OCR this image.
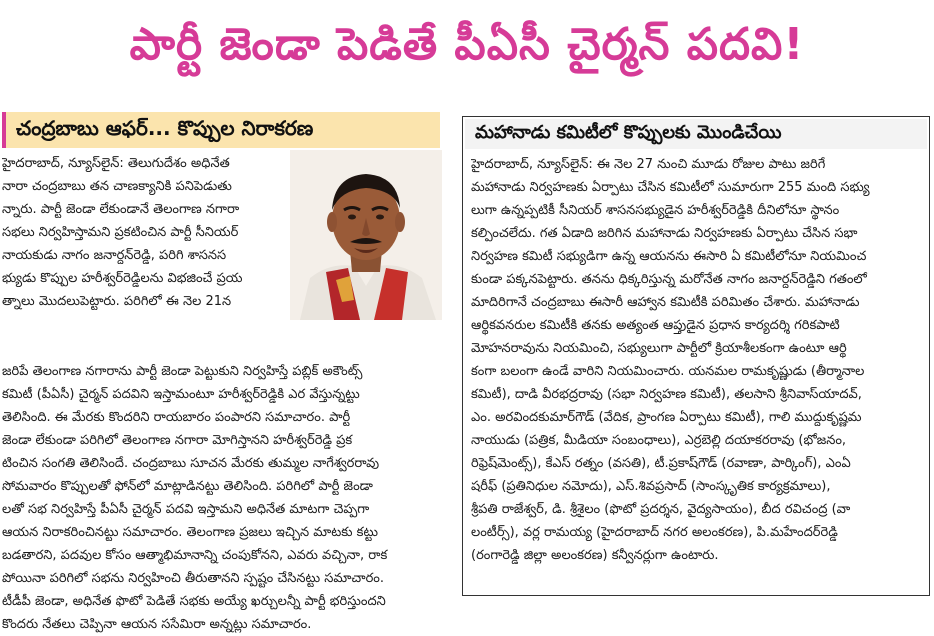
పార్టీ జెండా పెడితే పీఏసీ చైర్మన్ పదవి!
చంద్రబాబు ఆఫర్... కొప్పుల నిరాకరణ

హైదరాబాద్, న్యూస్‌లైన్: తెలుగుదేశం అధినేత
నారా చంద్రబాబు తన చాణక్యానికి పనిపెడుతు
న్నారు. పార్టీ జెండా లేకుండానే తెలంగాణ నగారా
సభలు నిర్వహిస్తామని ప్రకటించిన పార్టీ సీనియర్
నాయకుడు నాగం జనార్దన్‌రెడ్డి, పరిగి శాసనస
భ్యుడు కొప్పుల హరీశ్వర్‌రెడ్డిలను విభజించే ప్రయ
త్నాలు మొదలుపెట్టారు. పరిగిలో ఈ నెల 21న

జరిపే తెలంగాణ నగారాను పార్టీ జెండా పెట్టుకుని నిర్వహిస్తే పబ్లిక్ అకౌంట్స్
కమిటీ (పీఏసీ) చైర్మన్ పదవిని ఇస్తామంటూ హరీశ్వర్‌రెడ్డికి ఎర వేస్తున్నట్టు
తెలిసింది. ఈ మేరకు కొందరిని రాయబారం పంపారని సమాచారం. పార్టీ
జెండా లేకుండా పరిగిలో తెలంగాణ నగారా మోగిస్తానని హరీశ్వర్‌రెడ్డి ప్రక
టించిన సంగతి తెలిసిందే. చంద్రబాబు సూచన మేరకు తుమ్మల నాగేశ్వరరావు
సోమవారం కొప్పులతో ఫోన్‌లో మాట్లాడినట్టు తెలిసింది. పరిగిలో పార్టీ జెండా
లతో సభ నిర్వహిస్తే పీఏసీ చైర్మన్ పదవి ఇస్తామని అధినేత మాటగా చెప్పగా
ఆయన నిరాకరించినట్టు సమాచారం. తెలంగాణ ప్రజలు ఇచ్చిన మాటకు కట్టు
బడతారని, పదవుల కోసం ఆత్మాభిమానాన్ని చంపుకోనని, ఎవరు వచ్చినా, రాక
పోయినా పరిగిలో సభను నిర్వహించి తీరుతానని స్పష్టం చేసినట్టు సమాచారం.
టీడీపీ జెండా, అధినేత ఫొటో పెడితే సభకు అయ్యే ఖర్చులన్నీ పార్టీ భరిస్తుందని
కొందరు నేతలు చెప్పినా ఆయన ససేమిరా అన్నట్లు సమాచారం.

మహానాడు కమిటీలో కొప్పులకు మొండిచేయి

హైదరాబాద్, న్యూస్‌లైన్: ఈ నెల 27 నుంచి మూడు రోజుల పాటు జరిగే
మహానాడు నిర్వహణకు ఏర్పాటు చేసిన కమిటీలో సుమారుగా 255 మంది సభ్యు
లుగా ఉన్నప్పటికీ సీనియర్ శాసనసభ్యుడైన హరీశ్వర్‌రెడ్డికి దీనిలోనూ స్థానం
కల్పించలేదు. గత ఏడాది జరిగిన మహానాడు నిర్వహణకు ఏర్పాటు చేసిన సభా
నిర్వహణ కమిటీ సభ్యుడిగా ఉన్న ఆయనను ఈసారి ఏ కమిటీలోనూ నియమించ
కుండా పక్కనపెట్టారు. తనను ధిక్కరిస్తున్న మరోనేత నాగం జనార్దన్‌రెడ్డిని గతంలో
మాదిరిగానే చంద్రబాబు ఈసారీ ఆహ్వాన కమిటీకి పరిమితం చేశారు. మహానాడు
ఆర్థికవనరుల కమిటీకి తనకు అత్యంత ఆప్తుడైన ప్రధాన కార్యదర్శి గరికపాటి
మోహనరావును నియమించి, సభ్యులుగా పార్టీలో క్రియాశీలకంగా ఉంటూ ఆర్థి
కంగా బలంగా ఉండే వారిని నియమించారు. యనమల రామకృష్ణుడు (తీర్మానాల
కమిటీ), దాడి వీరభద్రరావు (సభా నిర్వహణ కమిటీ), తలసాని శ్రీనివాస్‌యాదవ్,
ఎం. అరవిందకుమార్‌గౌడ్ (వేదిక, ప్రాంగణ ఏర్పాటు కమిటీ), గాలి ముద్దుకృష్ణమ
నాయుడు (పత్రిక, మీడియా సంబంధాలు), ఎర్రబెల్లి దయాకరరావు (భోజనం,
రిఫ్రెష్‌మెంట్స్), కేఎస్ రత్నం (వసతి), టీ.ప్రకాష్‌గౌడ్ (రవాణా, పార్కింగ్), ఎంఏ
షరీఫ్ (ప్రతినిధుల నమోదు), ఎస్.శివప్రసాద్ (సాంస్కృతిక కార్యక్రమాలు),
శ్రీపతి రాజేశ్వర్, డి. శ్రీశైలం (ఫొటో ప్రదర్శన, వైద్యసాయం), బీద రవిచంద్ర (వా
లంటీర్స్), వర్ల రామయ్య (హైదరాబాద్ నగర అలంకరణ), పి.మహేందర్‌రెడ్డి
(రంగారెడ్డి జిల్లా అలంకరణ) కన్వీనర్లుగా ఉంటారు.
